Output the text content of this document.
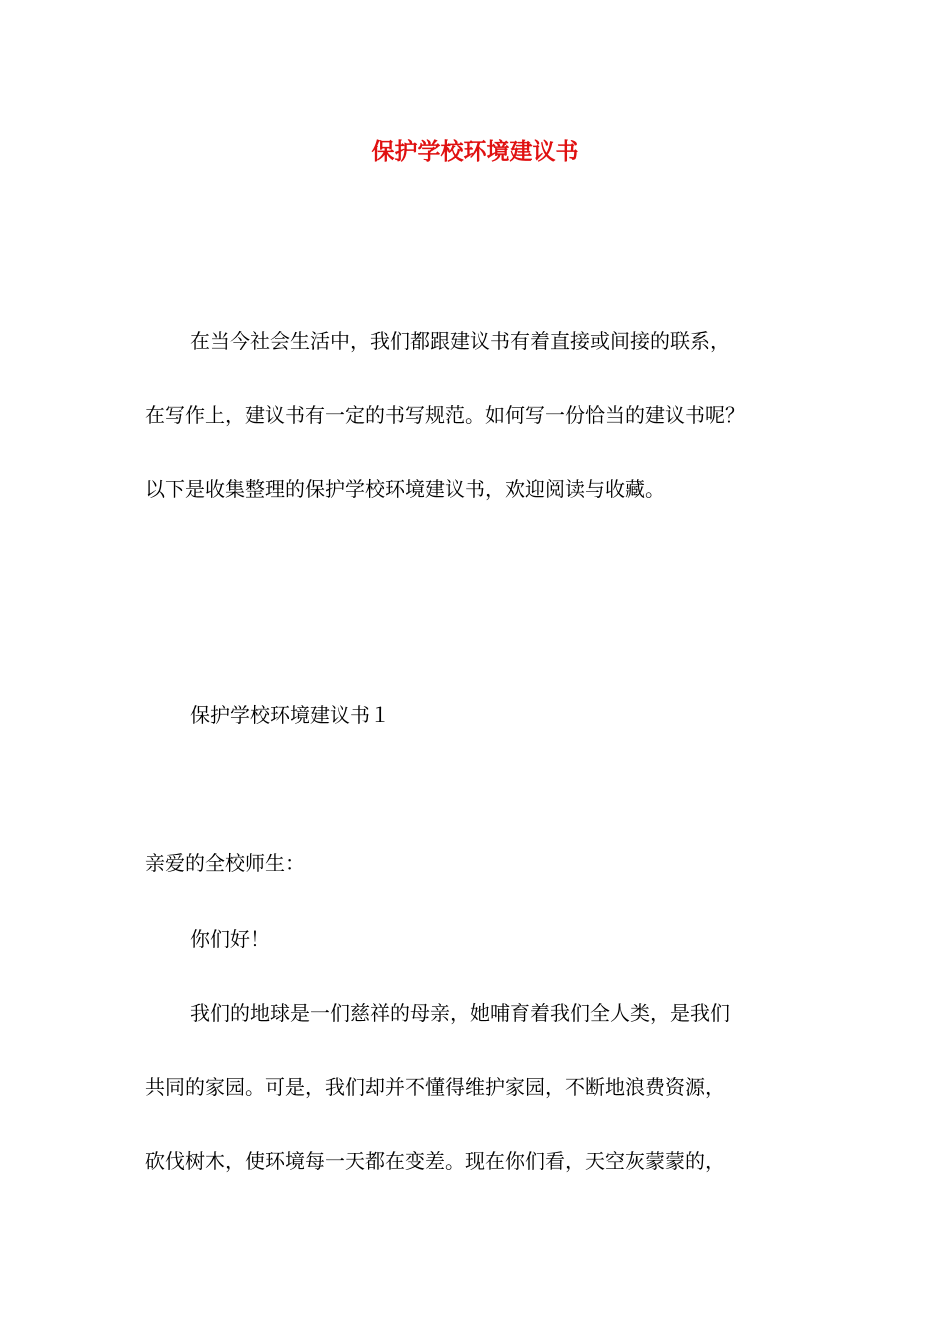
保护学校环境建议书
在当今社会生活中，我们都跟建议书有着直接或间接的联系，
在写作上，建议书有一定的书写规范。如何写一份恰当的建议书呢？
以下是收集整理的保护学校环境建议书，欢迎阅读与收藏。
保护学校环境建议书１
亲爱的全校师生：
你们好！
我们的地球是一们慈祥的母亲，她哺育着我们全人类，是我们
共同的家园。可是，我们却并不懂得维护家园，不断地浪费资源，
砍伐树木，使环境每一天都在变差。现在你们看，天空灰蒙蒙的，
